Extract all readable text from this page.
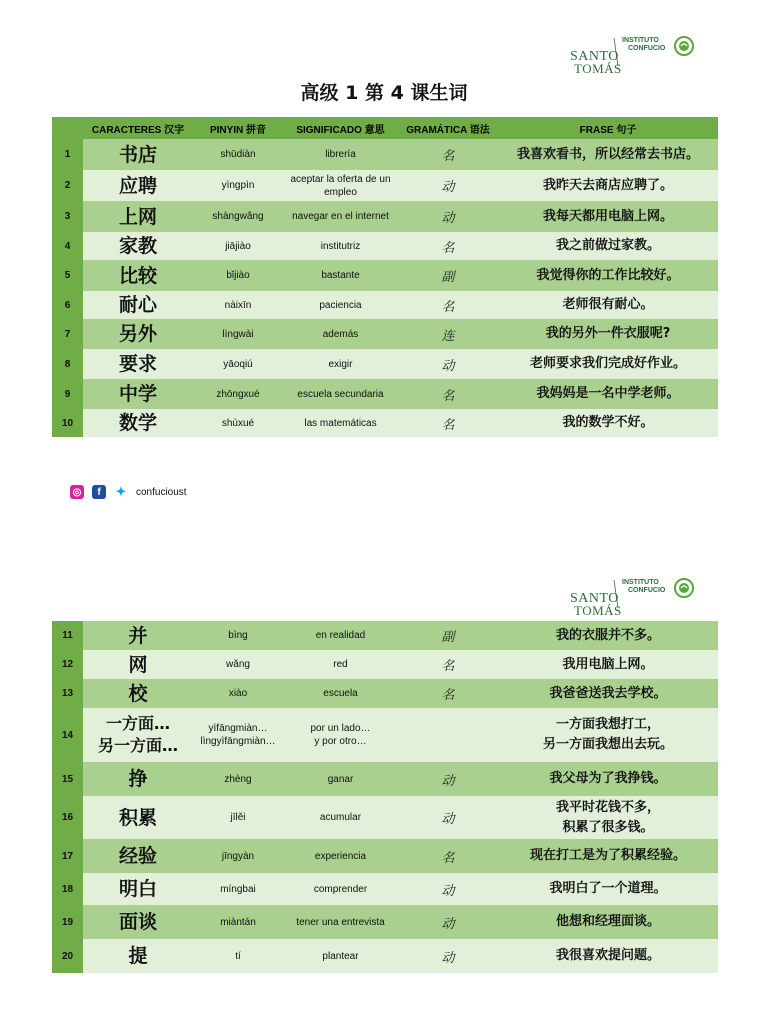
SANTO
TOMÁS
INSTITUTO
CONFUCIO
高级 1 第 4 课生词
	CARACTERES 汉字	PINYIN 拼音	SIGNIFICADO 意思	GRAMÁTICA 语法	FRASE 句子

1	书店	shūdiàn	librería	名	我喜欢看书，所以经常去书店。

2	应聘	yìngpìn	aceptar la oferta de un empleo	动	我昨天去商店应聘了。

3	上网	shàngwǎng	navegar en el internet	动	我每天都用电脑上网。

4	家教	jiājiào	institutriz	名	我之前做过家教。

5	比较	bǐjiào	bastante	副	我觉得你的工作比较好。

6	耐心	nàixīn	paciencia	名	老师很有耐心。

7	另外	lìngwài	además	连	我的另外一件衣服呢?

8	要求	yāoqiú	exigir	动	老师要求我们完成好作业。

9	中学	zhōngxué	escuela secundaria	名	我妈妈是一名中学老师。

10	数学	shùxué	las matemáticas	名	我的数学不好。
◎	f	✦ confucioust
SANTO
TOMÁS
INSTITUTO
CONFUCIO
11	并	bìng	en realidad	副	我的衣服并不多。

12	网	wǎng	red	名	我用电脑上网。

13	校	xiào	escuela	名	我爸爸送我去学校。

14	一方面…
另一方面…	yìfāngmiàn…
lìngyìfāngmiàn…	por un lado…
y por otro…		一方面我想打工，
另一方面我想出去玩。

15	挣	zhèng	ganar	动	我父母为了我挣钱。

16	积累	jīlěi	acumular	动	我平时花钱不多，
积累了很多钱。

17	经验	jīngyàn	experiencia	名	现在打工是为了积累经验。

18	明白	míngbai	comprender	动	我明白了一个道理。

19	面谈	miàntán	tener una entrevista	动	他想和经理面谈。

20	提	tí	plantear	动	我很喜欢提问题。
